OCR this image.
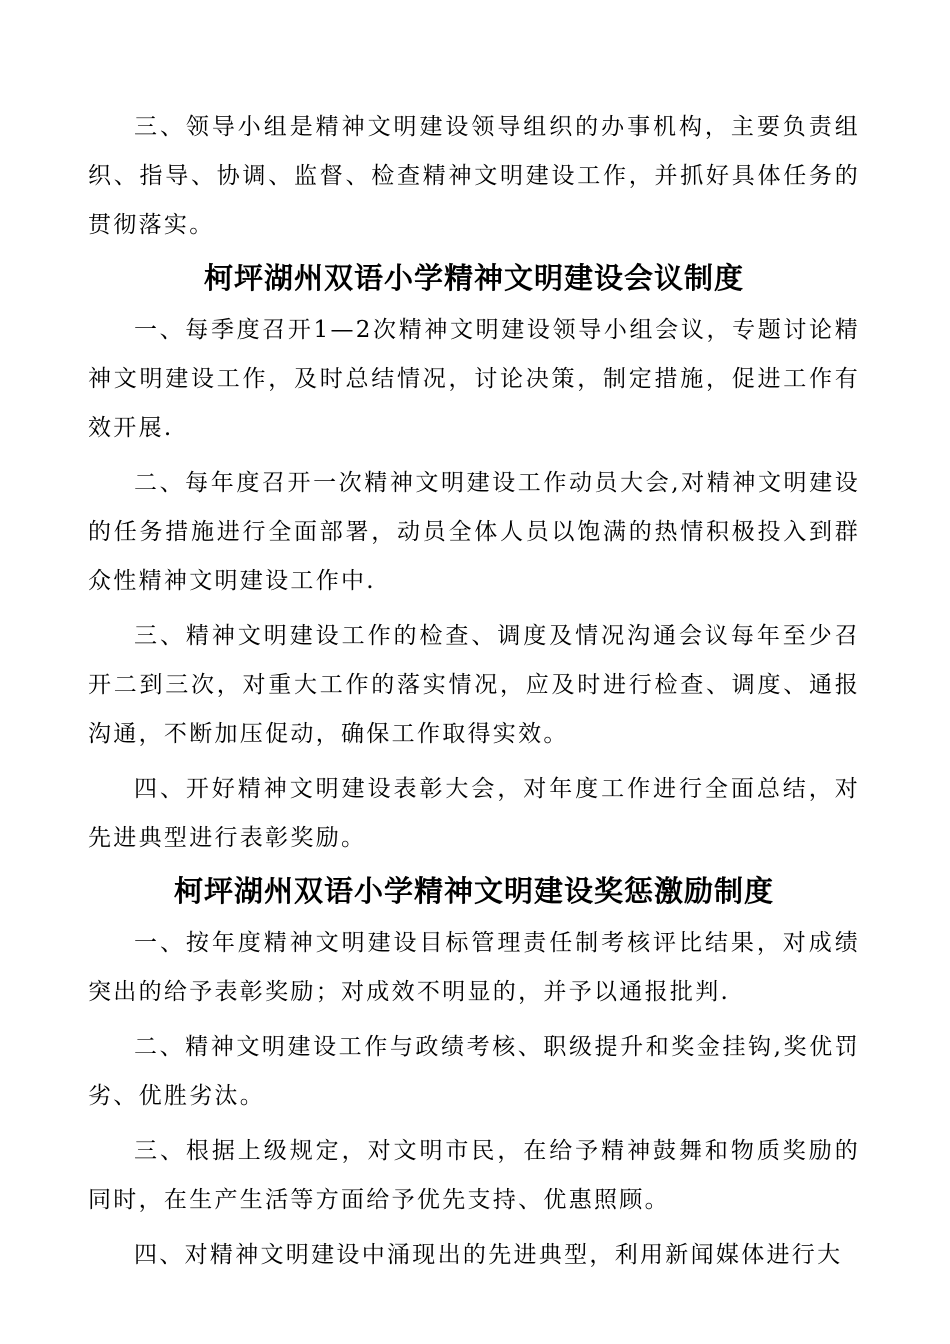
三、领导小组是精神文明建设领导组织的办事机构，主要负责组织、指导、协调、监督、检查精神文明建设工作，并抓好具体任务的贯彻落实。

柯坪湖州双语小学精神文明建设会议制度

一、每季度召开1—2次精神文明建设领导小组会议，专题讨论精神文明建设工作，及时总结情况，讨论决策，制定措施，促进工作有效开展.

二、每年度召开一次精神文明建设工作动员大会,对精神文明建设的任务措施进行全面部署，动员全体人员以饱满的热情积极投入到群众性精神文明建设工作中.

三、精神文明建设工作的检查、调度及情况沟通会议每年至少召开二到三次，对重大工作的落实情况，应及时进行检查、调度、通报沟通，不断加压促动，确保工作取得实效。

四、开好精神文明建设表彰大会，对年度工作进行全面总结，对先进典型进行表彰奖励。

柯坪湖州双语小学精神文明建设奖惩激励制度

一、按年度精神文明建设目标管理责任制考核评比结果，对成绩突出的给予表彰奖励；对成效不明显的，并予以通报批判.

二、精神文明建设工作与政绩考核、职级提升和奖金挂钩,奖优罚劣、优胜劣汰。

三、根据上级规定，对文明市民，在给予精神鼓舞和物质奖励的同时，在生产生活等方面给予优先支持、优惠照顾。

四、对精神文明建设中涌现出的先进典型，利用新闻媒体进行大
